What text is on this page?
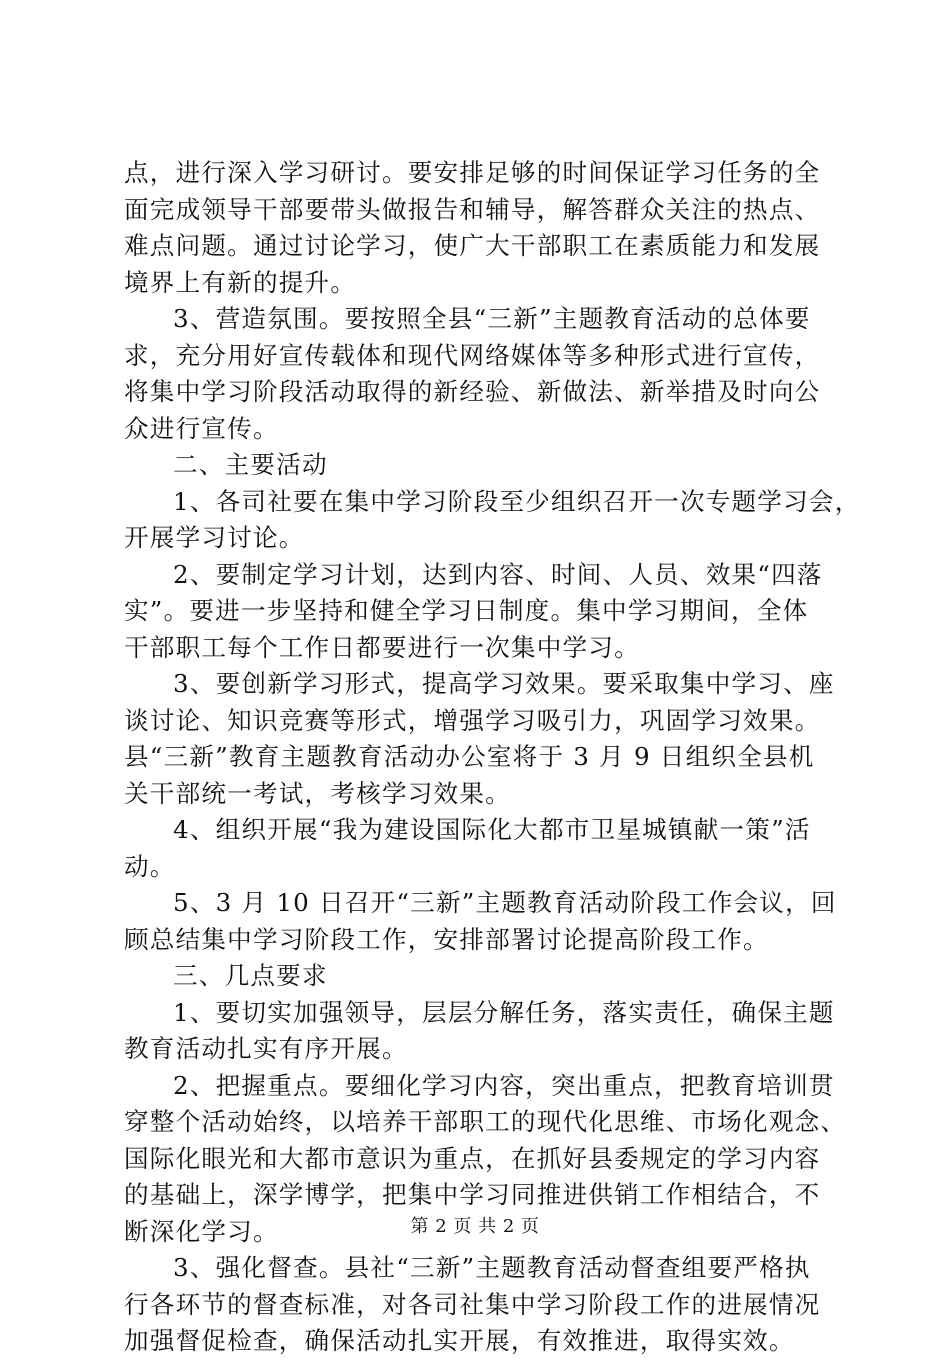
点，进行深入学习研讨。要安排足够的时间保证学习任务的全
面完成领导干部要带头做报告和辅导，解答群众关注的热点、
难点问题。通过讨论学习，使广大干部职工在素质能力和发展
境界上有新的提升。
3、营造氛围。要按照全县“三新”主题教育活动的总体要
求，充分用好宣传载体和现代网络媒体等多种形式进行宣传，
将集中学习阶段活动取得的新经验、新做法、新举措及时向公
众进行宣传。
二、主要活动
1、各司社要在集中学习阶段至少组织召开一次专题学习会，
开展学习讨论。
2、要制定学习计划，达到内容、时间、人员、效果“四落
实”。要进一步坚持和健全学习日制度。集中学习期间，全体
干部职工每个工作日都要进行一次集中学习。
3、要创新学习形式，提高学习效果。要采取集中学习、座
谈讨论、知识竞赛等形式，增强学习吸引力，巩固学习效果。
县“三新”教育主题教育活动办公室将于 3 月 9 日组织全县机
关干部统一考试，考核学习效果。
4、组织开展“我为建设国际化大都市卫星城镇献一策”活
动。
5、3 月 10 日召开“三新”主题教育活动阶段工作会议，回
顾总结集中学习阶段工作，安排部署讨论提高阶段工作。
三、几点要求
1、要切实加强领导，层层分解任务，落实责任，确保主题
教育活动扎实有序开展。
2、把握重点。要细化学习内容，突出重点，把教育培训贯
穿整个活动始终，以培养干部职工的现代化思维、市场化观念、
国际化眼光和大都市意识为重点，在抓好县委规定的学习内容
的基础上，深学博学，把集中学习同推进供销工作相结合，不
断深化学习。
3、强化督查。县社“三新”主题教育活动督查组要严格执
行各环节的督查标准，对各司社集中学习阶段工作的进展情况
加强督促检查，确保活动扎实开展，有效推进，取得实效。
第 2 页 共 2 页
